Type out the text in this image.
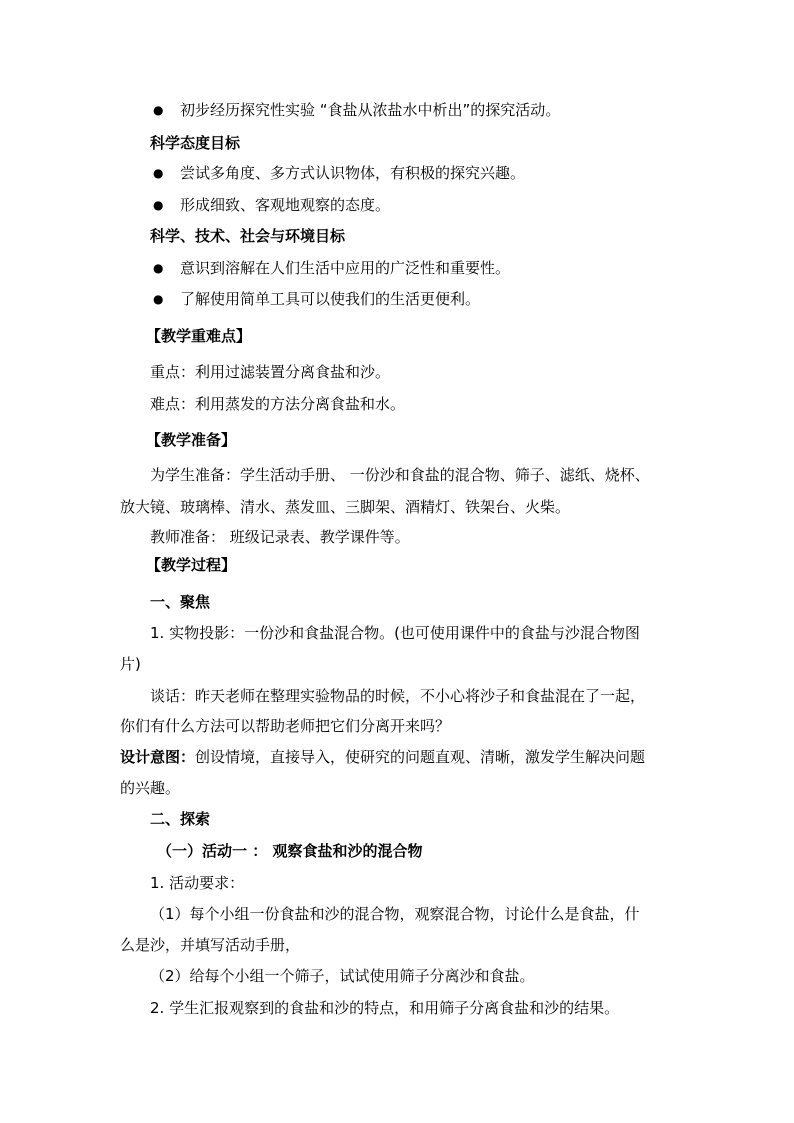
●	初步经历探究性实验 “食盐从浓盐水中析出”的探究活动。
科学态度目标
●	尝试多角度、多方式认识物体，有积极的探究兴趣。
●	形成细致、客观地观察的态度。
科学、技术、社会与环境目标
●	意识到溶解在人们生活中应用的广泛性和重要性。
●	了解使用简单工具可以使我们的生活更便利。
【教学重难点】
重点：利用过滤装置分离食盐和沙。
难点：利用蒸发的方法分离食盐和水。
【教学准备】
为学生准备：学生活动手册、 一份沙和食盐的混合物、筛子、滤纸、烧杯、
放大镜、玻璃棒、清水、蒸发皿、三脚架、酒精灯、铁架台、火柴。
教师准备： 班级记录表、教学课件等。
【教学过程】
一、聚焦
1. 实物投影：一份沙和食盐混合物。(也可使用课件中的食盐与沙混合物图
片)
谈话：昨天老师在整理实验物品的时候，不小心将沙子和食盐混在了一起，
你们有什么方法可以帮助老师把它们分离开来吗？
设计意图：创设情境，直接导入，使研究的问题直观、清晰，激发学生解决问题
的兴趣。
二、探索
（一）活动一 ： 观察食盐和沙的混合物
1. 活动要求：
（1）每个小组一份食盐和沙的混合物，观察混合物，讨论什么是食盐，什
么是沙，并填写活动手册，
（2）给每个小组一个筛子，试试使用筛子分离沙和食盐。
2. 学生汇报观察到的食盐和沙的特点，和用筛子分离食盐和沙的结果。
